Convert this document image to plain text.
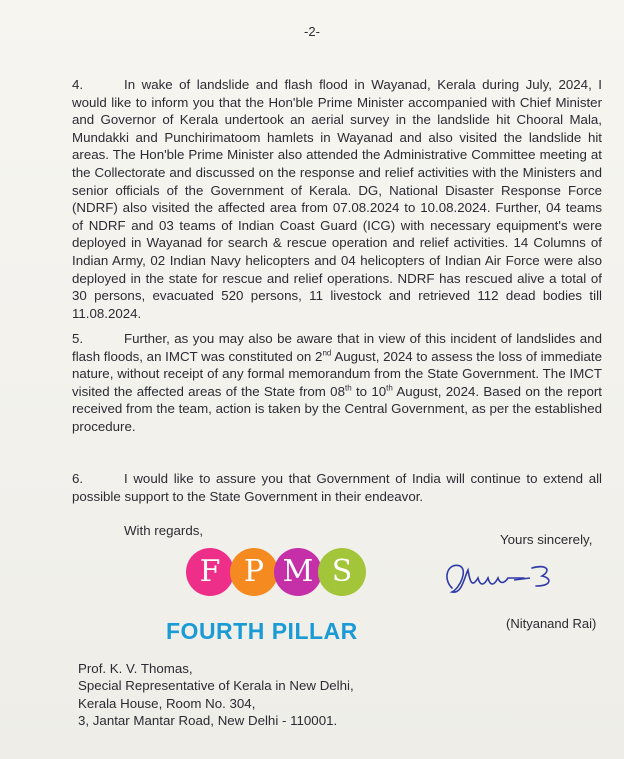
-2-
4.	In wake of landslide and flash flood in Wayanad, Kerala during July, 2024, I would like to inform you that the Hon'ble Prime Minister accompanied with Chief Minister and Governor of Kerala undertook an aerial survey in the landslide hit Chooral Mala, Mundakki and Punchirimatoom hamlets in Wayanad and also visited the landslide hit areas. The Hon'ble Prime Minister also attended the Administrative Committee meeting at the Collectorate and discussed on the response and relief activities with the Ministers and senior officials of the Government of Kerala. DG, National Disaster Response Force (NDRF) also visited the affected area from 07.08.2024 to 10.08.2024. Further, 04 teams of NDRF and 03 teams of Indian Coast Guard (ICG) with necessary equipment's were deployed in Wayanad for search & rescue operation and relief activities. 14 Columns of Indian Army, 02 Indian Navy helicopters and 04 helicopters of Indian Air Force were also deployed in the state for rescue and relief operations. NDRF has rescued alive a total of 30 persons, evacuated 520 persons, 11 livestock and retrieved 112 dead bodies till 11.08.2024.
5.	Further, as you may also be aware that in view of this incident of landslides and flash floods, an IMCT was constituted on 2nd August, 2024 to assess the loss of immediate nature, without receipt of any formal memorandum from the State Government. The IMCT visited the affected areas of the State from 08th to 10th August, 2024. Based on the report received from the team, action is taken by the Central Government, as per the established procedure.
6.	I would like to assure you that Government of India will continue to extend all possible support to the State Government in their endeavor.
With regards,
Yours sincerely,
(Nityanand Rai)
F P M S
FOURTH PILLAR
Prof. K. V. Thomas,
Special Representative of Kerala in New Delhi,
Kerala House, Room No. 304,
3, Jantar Mantar Road, New Delhi - 110001.
